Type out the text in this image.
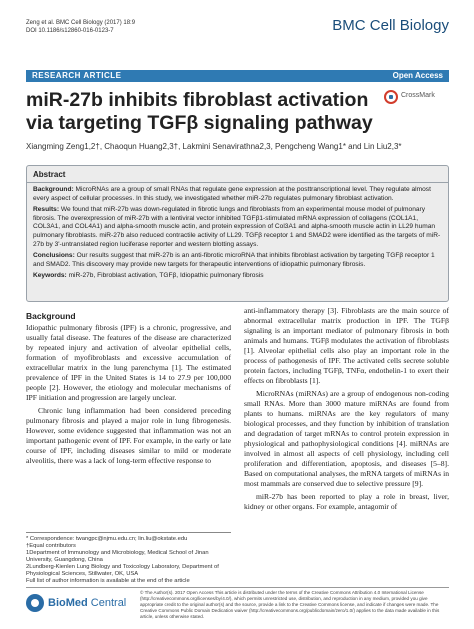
Zeng et al. BMC Cell Biology (2017) 18:9
DOI 10.1186/s12860-016-0123-7	BMC Cell Biology
RESEARCH ARTICLE	Open Access
miR-27b inhibits fibroblast activation via targeting TGFβ signaling pathway
CrossMark
Xiangming Zeng1,2†, Chaoqun Huang2,3†, Lakmini Senavirathna2,3, Pengcheng Wang1* and Lin Liu2,3*
Abstract

Background: MicroRNAs are a group of small RNAs that regulate gene expression at the posttranscriptional level. They regulate almost every aspect of cellular processes. In this study, we investigated whether miR-27b regulates pulmonary fibroblast activation.

Results: We found that miR-27b was down-regulated in fibrotic lungs and fibroblasts from an experimental mouse model of pulmonary fibrosis. The overexpression of miR-27b with a lentiviral vector inhibited TGFβ1-stimulated mRNA expression of collagens (COL1A1, COL3A1, and COL4A1) and alpha-smooth muscle actin, and protein expression of Col3A1 and alpha-smooth muscle actin in LL29 human pulmonary fibroblasts. miR-27b also reduced contractile activity of LL29. TGFβ receptor 1 and SMAD2 were identified as the targets of miR-27b by 3'-untranslated region luciferase reporter and western blotting assays.

Conclusions: Our results suggest that miR-27b is an anti-fibrotic microRNA that inhibits fibroblast activation by targeting TGFβ receptor 1 and SMAD2. This discovery may provide new targets for therapeutic interventions of idiopathic pulmonary fibrosis.

Keywords: miR-27b, Fibroblast activation, TGFβ, Idiopathic pulmonary fibrosis

Background

Idiopathic pulmonary fibrosis (IPF) is a chronic, progressive, and usually fatal disease. The features of the disease are characterized by repeated injury and activation of alveolar epithelial cells, formation of myofibroblasts and excessive accumulation of extracellular matrix in the lung parenchyma [1]. The estimated prevalence of IPF in the United States is 14 to 27.9 per 100,000 people [2]. However, the etiology and molecular mechanisms of IPF initiation and progression are largely unclear.

Chronic lung inflammation had been considered preceding pulmonary fibrosis and played a major role in lung fibrogenesis. However, some evidence suggested that inflammation was not an important pathogenic event of IPF. For example, in the early or late course of IPF, including diseases similar to mild or moderate alveolitis, there was a lack of long-term effective response to

* Correspondence: twangpc@njmu.edu.cn; lin.liu@okstate.edu
†Equal contributors
1Department of Immunology and Microbiology, Medical School of Jinan University, Guangdong, China
2Lundberg-Kienlen Lung Biology and Toxicology Laboratory, Department of Physiological Sciences, Stillwater, OK, USA
Full list of author information is available at the end of the article

anti-inflammatory therapy [3]. Fibroblasts are the main source of abnormal extracellular matrix production in IPF. The TGFβ signaling is an important mediator of pulmonary fibrosis in both animals and humans. TGFβ modulates the activation of fibroblasts [1]. Alveolar epithelial cells also play an important role in the process of pathogenesis of IPF. The activated cells secrete soluble protein factors, including TGFβ, TNFα, endothelin-1 to exert their effects on fibroblasts [1].

MicroRNAs (miRNAs) are a group of endogenous non-coding small RNAs. More than 3000 mature miRNAs are found from plants to humans. miRNAs are the key regulators of many biological processes, and they function by inhibition of translation and degradation of target mRNAs to control protein expression in physiological and pathophysiological conditions [4]. miRNAs are involved in almost all aspects of cell physiology, including cell proliferation and differentiation, apoptosis, and diseases [5–8]. Based on computational analyses, the mRNA targets of miRNAs in most mammals are conserved due to selective pressure [9].

miR-27b has been reported to play a role in breast, liver, kidney or other organs. For example, antagomir of

BioMed Central
© The Author(s). 2017 Open Access This article is distributed under the terms of the Creative Commons Attribution 4.0 International License (http://creativecommons.org/licenses/by/4.0/), which permits unrestricted use, distribution, and reproduction in any medium, provided you give appropriate credit to the original author(s) and the source, provide a link to the Creative Commons license, and indicate if changes were made. The Creative Commons Public Domain Dedication waiver (http://creativecommons.org/publicdomain/zero/1.0/) applies to the data made available in this article, unless otherwise stated.
